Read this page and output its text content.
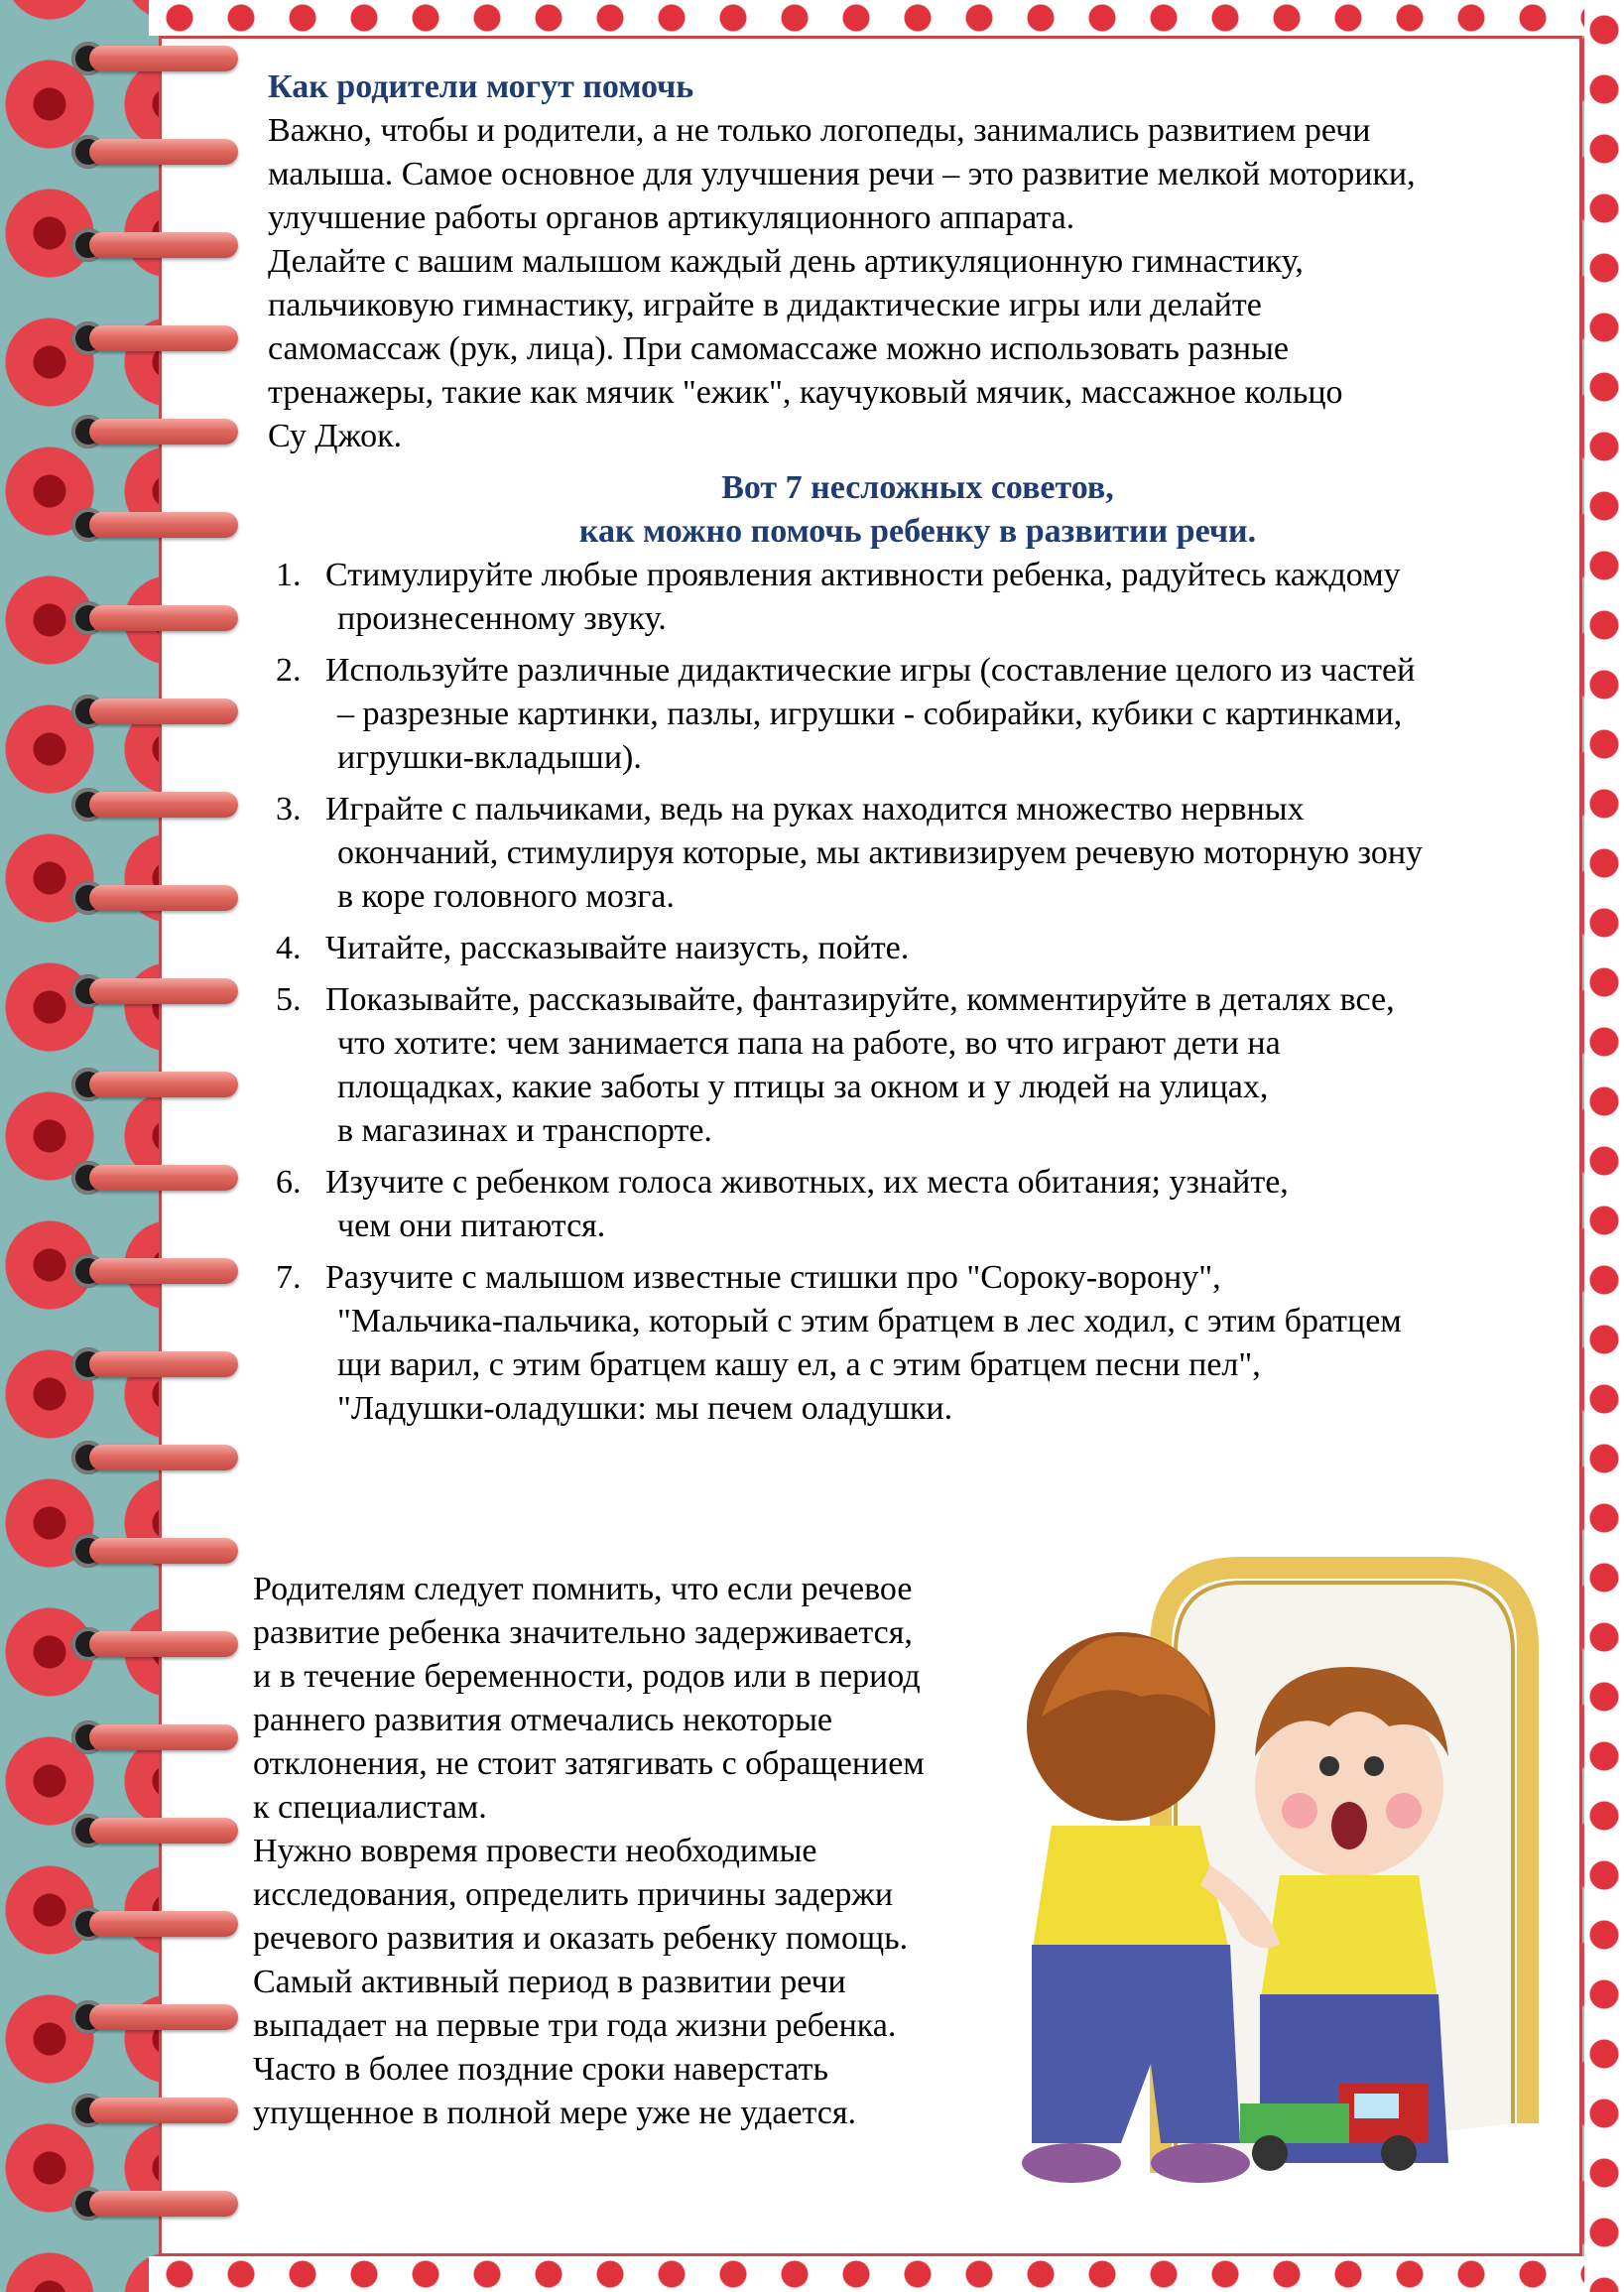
Как родители могут помочь
Важно, чтобы и родители, а не только логопеды, занимались развитием речи
малыша. Самое основное для улучшения речи – это развитие мелкой моторики,
улучшение работы органов артикуляционного аппарата.
Делайте с вашим малышом каждый день артикуляционную гимнастику,
пальчиковую гимнастику, играйте в дидактические игры или делайте
самомассаж (рук, лица). При самомассаже можно использовать разные
тренажеры, такие как мячик "ежик", каучуковый мячик, массажное кольцо
Су Джок.
Вот 7 несложных советов,
как можно помочь ребенку в развитии речи.
1. Стимулируйте любые проявления активности ребенка, радуйтесь каждому
произнесенному звуку.
2. Используйте различные дидактические игры (составление целого из частей
– разрезные картинки, пазлы, игрушки - собирайки, кубики с картинками,
игрушки-вкладыши).
3. Играйте с пальчиками, ведь на руках находится множество нервных
окончаний, стимулируя которые, мы активизируем речевую моторную зону
в коре головного мозга.
4. Читайте, рассказывайте наизусть, пойте.
5. Показывайте, рассказывайте, фантазируйте, комментируйте в деталях все,
что хотите: чем занимается папа на работе, во что играют дети на
площадках, какие заботы у птицы за окном и у людей на улицах,
в магазинах и транспорте.
6. Изучите с ребенком голоса животных, их места обитания; узнайте,
чем они питаются.
7. Разучите с малышом известные стишки про "Сороку-ворону",
"Мальчика-пальчика, который с этим братцем в лес ходил, с этим братцем
щи варил, с этим братцем кашу ел, а с этим братцем песни пел",
"Ладушки-оладушки: мы печем оладушки.
Родителям следует помнить, что если речевое
развитие ребенка значительно задерживается,
и в течение беременности, родов или в период
раннего развития отмечались некоторые
отклонения, не стоит затягивать с обращением
к специалистам.
Нужно вовремя провести необходимые
исследования, определить причины задержи
речевого развития и оказать ребенку помощь.
Самый активный период в развитии речи
выпадает на первые три года жизни ребенка.
Часто в более поздние сроки наверстать
упущенное в полной мере уже не удается.
